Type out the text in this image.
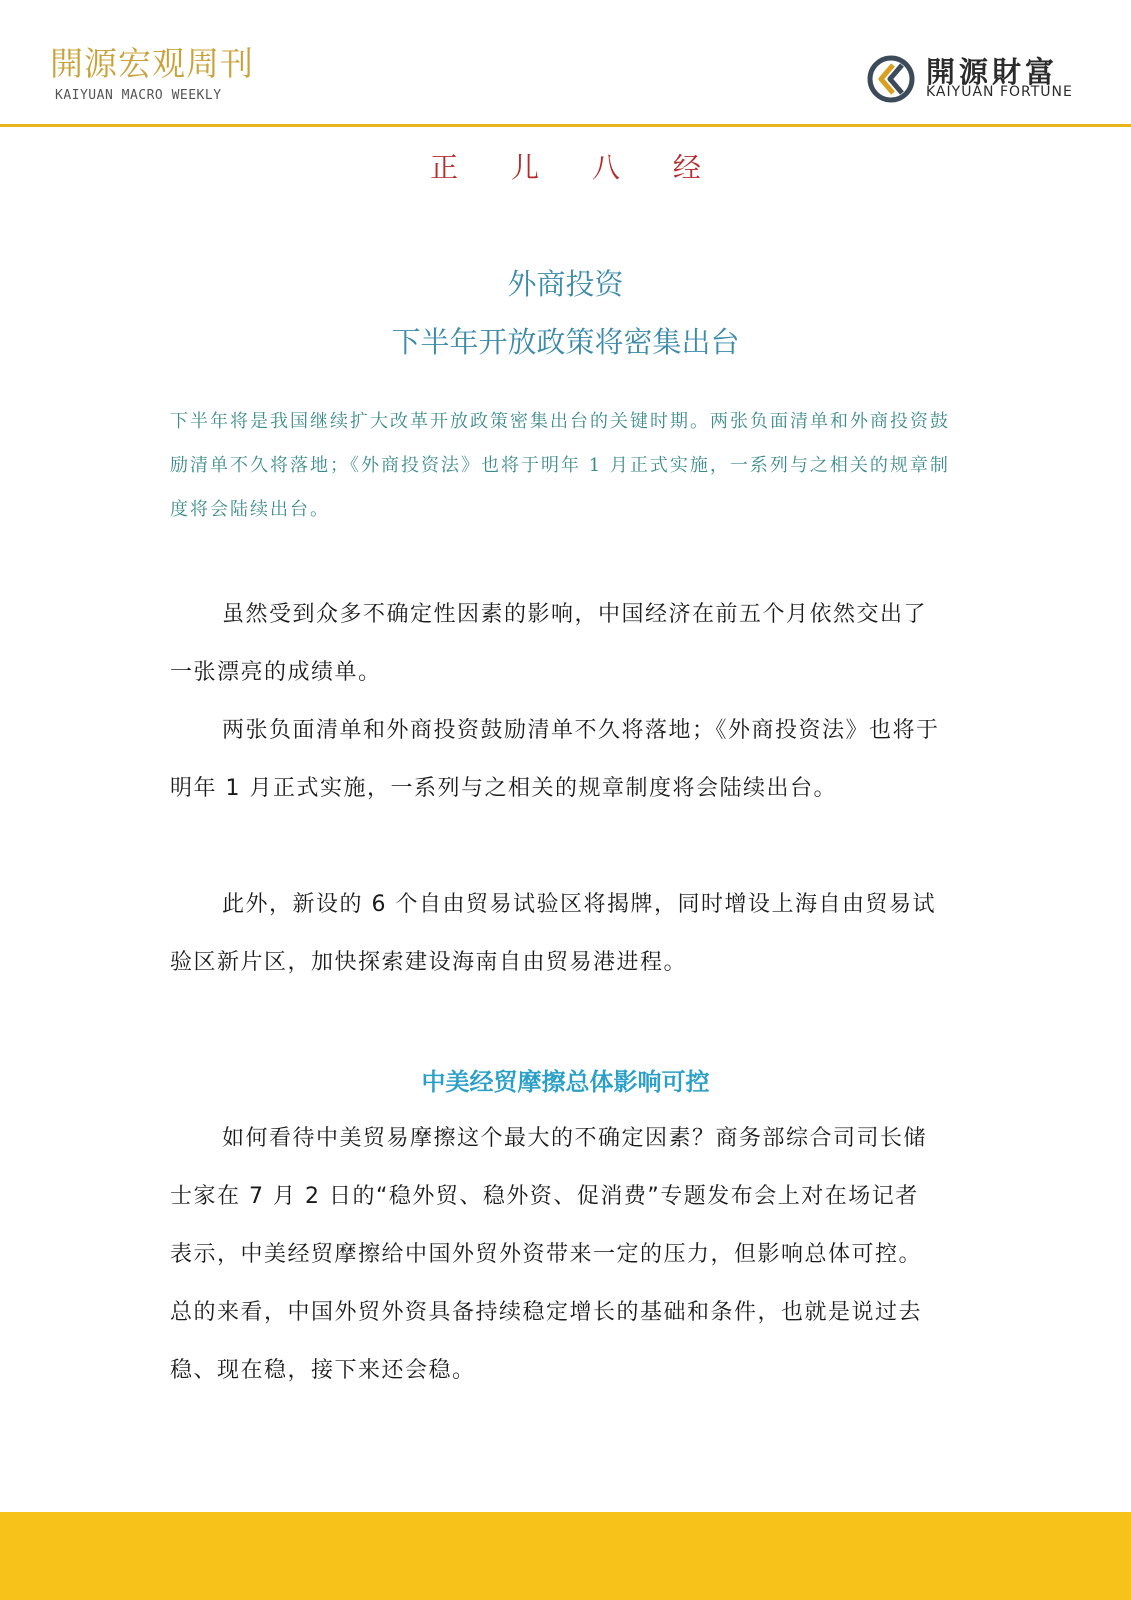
開源宏观周刊
KAIYUAN MACRO WEEKLY
開源財富
KAIYUAN FORTUNE
正 儿 八 经
外商投资
下半年开放政策将密集出台

下半年将是我国继续扩大改革开放政策密集出台的关键时期。两张负面清单和外商投资鼓励清单不久将落地；《外商投资法》也将于明年 1 月正式实施，一系列与之相关的规章制度将会陆续出台。

虽然受到众多不确定性因素的影响，中国经济在前五个月依然交出了一张漂亮的成绩单。

两张负面清单和外商投资鼓励清单不久将落地；《外商投资法》也将于明年 1 月正式实施，一系列与之相关的规章制度将会陆续出台。

此外，新设的 6 个自由贸易试验区将揭牌，同时增设上海自由贸易试验区新片区，加快探索建设海南自由贸易港进程。

中美经贸摩擦总体影响可控

如何看待中美贸易摩擦这个最大的不确定因素？商务部综合司司长储士家在 7 月 2 日的“稳外贸、稳外资、促消费”专题发布会上对在场记者表示，中美经贸摩擦给中国外贸外资带来一定的压力，但影响总体可控。总的来看，中国外贸外资具备持续稳定增长的基础和条件，也就是说过去稳、现在稳，接下来还会稳。
